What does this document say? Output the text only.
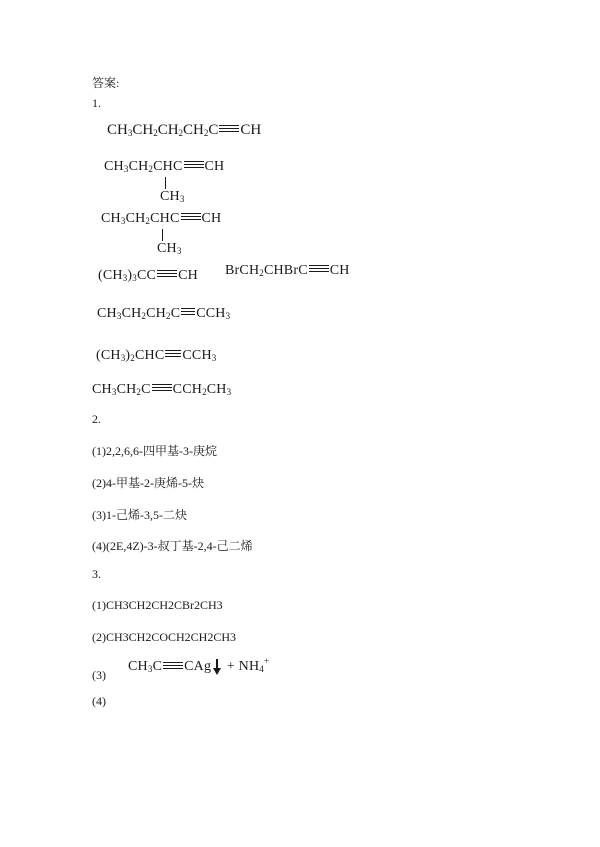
答案:
1.
$CH_3CH_2CH_2CH_2C$ CH
$CH_3CH_2CHC$ CH
$CH_3$
$CH_3CH_2CHC$ CH
$CH_3$
$(CH_3)_3CC$ CH BrCH$_2$CHBrC CH
$CH_3CH_2CH_2C$ $CCH_3$
$(CH_3)_2CHC$ $CCH_3$
$CH_3CH_2C$ $CCH_2CH_3$
2.
(1)2,2,6,6-四甲基-3-庚烷
(2)4-甲基-2-庚烯-5-炔
(3)1-己烯-3,5-二炔
(4)(2E,4Z)-3-叔丁基-2,4-己二烯
3.
(1)CH3CH2CH2CBr2CH3
(2)CH3CH2COCH2CH2CH3
(3)
$CH_3C$ CAg + NH4+
(4)
